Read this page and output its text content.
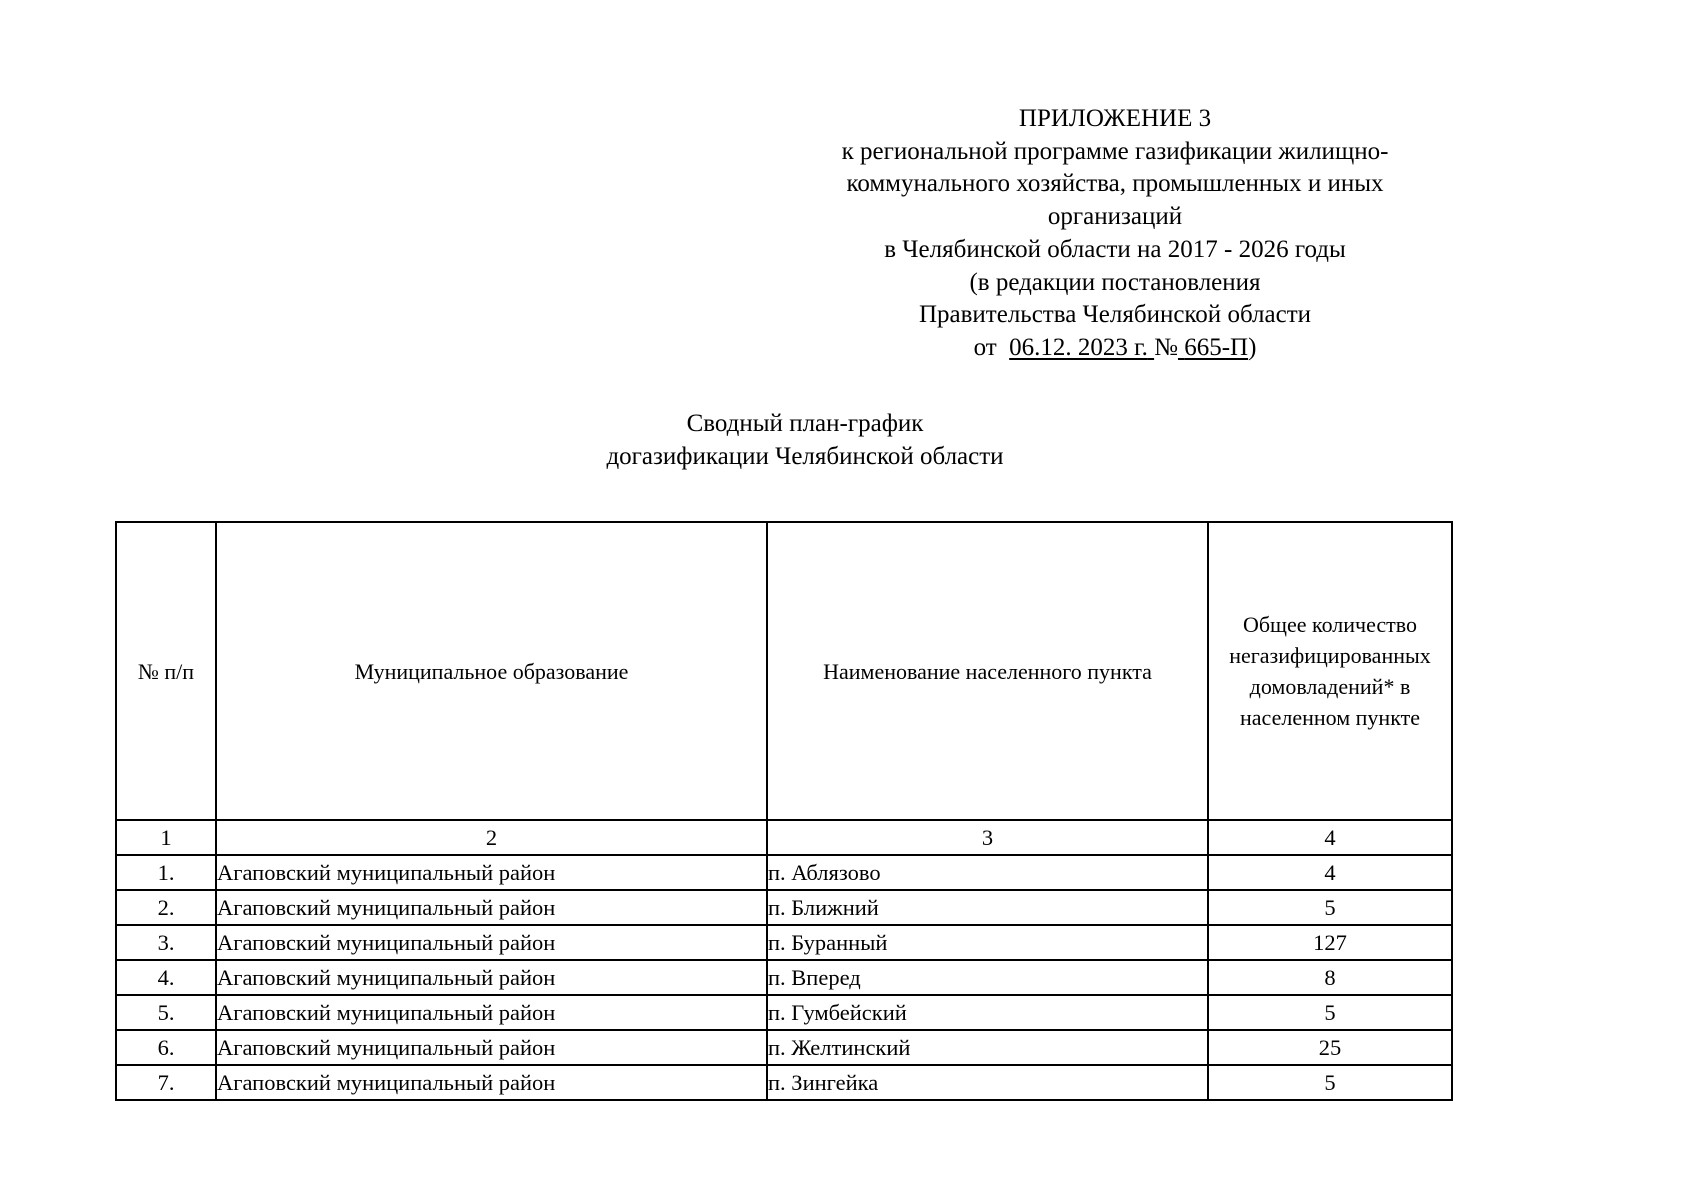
ПРИЛОЖЕНИЕ 3
к региональной программе газификации жилищно-
коммунального хозяйства, промышленных и иных
организаций
в Челябинской области на 2017 - 2026 годы
(в редакции постановления
Правительства Челябинской области
от 06.12. 2023 г. № 665-П)
Сводный план-график
догазификации Челябинской области
№ п/п	Муниципальное образование	Наименование населенного пункта	Общее количество негазифицированных домовладений* в населенном пункте
1	2	3	4
1.	Агаповский муниципальный район	п. Аблязово	4
2.	Агаповский муниципальный район	п. Ближний	5
3.	Агаповский муниципальный район	п. Буранный	127
4.	Агаповский муниципальный район	п. Вперед	8
5.	Агаповский муниципальный район	п. Гумбейский	5
6.	Агаповский муниципальный район	п. Желтинский	25
7.	Агаповский муниципальный район	п. Зингейка	5
